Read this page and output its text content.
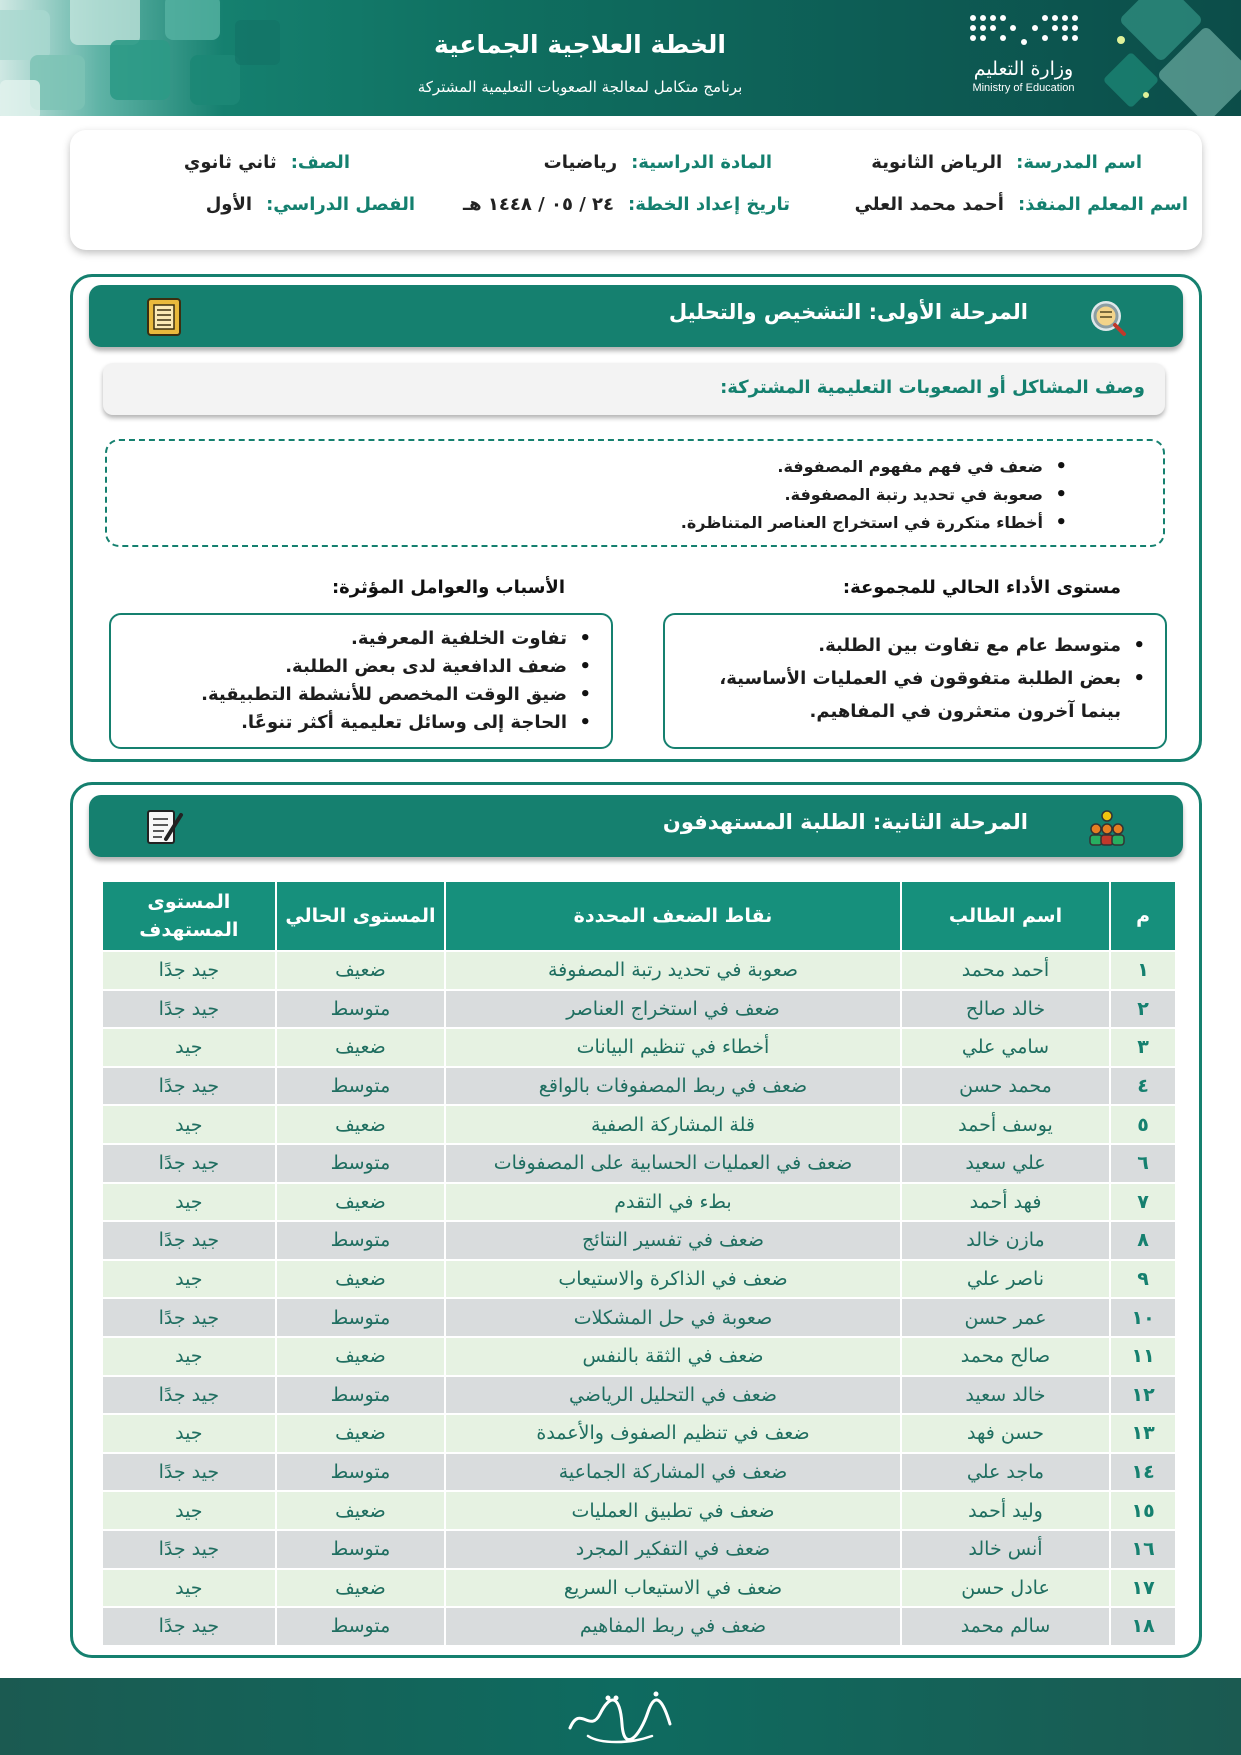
الخطة العلاجية الجماعية
برنامج متكامل لمعالجة الصعوبات التعليمية المشتركة
وزارة التعليم
Ministry of Education
اسم المدرسة:الرياض الثانوية
المادة الدراسية:رياضيات
الصف:ثاني ثانوي
اسم المعلم المنفذ:أحمد محمد العلي
تاريخ إعداد الخطة:٢٤ / ٠٥ / ١٤٤٨ هـ
الفصل الدراسي:الأول
المرحلة الأولى: التشخيص والتحليل
وصف المشاكل أو الصعوبات التعليمية المشتركة:
• ضعف في فهم مفهوم المصفوفة.
• صعوبة في تحديد رتبة المصفوفة.
• أخطاء متكررة في استخراج العناصر المتناظرة.
مستوى الأداء الحالي للمجموعة:
الأسباب والعوامل المؤثرة:
• متوسط عام مع تفاوت بين الطلبة.
• بعض الطلبة متفوقون في العمليات الأساسية، بينما آخرون متعثرون في المفاهيم.
• تفاوت الخلفية المعرفية.
• ضعف الدافعية لدى بعض الطلبة.
• ضيق الوقت المخصص للأنشطة التطبيقية.
• الحاجة إلى وسائل تعليمية أكثر تنوعًا.
المرحلة الثانية: الطلبة المستهدفون
م	اسم الطالب	نقاط الضعف المحددة	المستوى الحالي	المستوى المستهدف
١	أحمد محمد	صعوبة في تحديد رتبة المصفوفة	ضعيف	جيد جدًا
٢	خالد صالح	ضعف في استخراج العناصر	متوسط	جيد جدًا
٣	سامي علي	أخطاء في تنظيم البيانات	ضعيف	جيد
٤	محمد حسن	ضعف في ربط المصفوفات بالواقع	متوسط	جيد جدًا
٥	يوسف أحمد	قلة المشاركة الصفية	ضعيف	جيد
٦	علي سعيد	ضعف في العمليات الحسابية على المصفوفات	متوسط	جيد جدًا
٧	فهد أحمد	بطء في التقدم	ضعيف	جيد
٨	مازن خالد	ضعف في تفسير النتائج	متوسط	جيد جدًا
٩	ناصر علي	ضعف في الذاكرة والاستيعاب	ضعيف	جيد
١٠	عمر حسن	صعوبة في حل المشكلات	متوسط	جيد جدًا
١١	صالح محمد	ضعف في الثقة بالنفس	ضعيف	جيد
١٢	خالد سعيد	ضعف في التحليل الرياضي	متوسط	جيد جدًا
١٣	حسن فهد	ضعف في تنظيم الصفوف والأعمدة	ضعيف	جيد
١٤	ماجد علي	ضعف في المشاركة الجماعية	متوسط	جيد جدًا
١٥	وليد أحمد	ضعف في تطبيق العمليات	ضعيف	جيد
١٦	أنس خالد	ضعف في التفكير المجرد	متوسط	جيد جدًا
١٧	عادل حسن	ضعف في الاستيعاب السريع	ضعيف	جيد
١٨	سالم محمد	ضعف في ربط المفاهيم	متوسط	جيد جدًا
